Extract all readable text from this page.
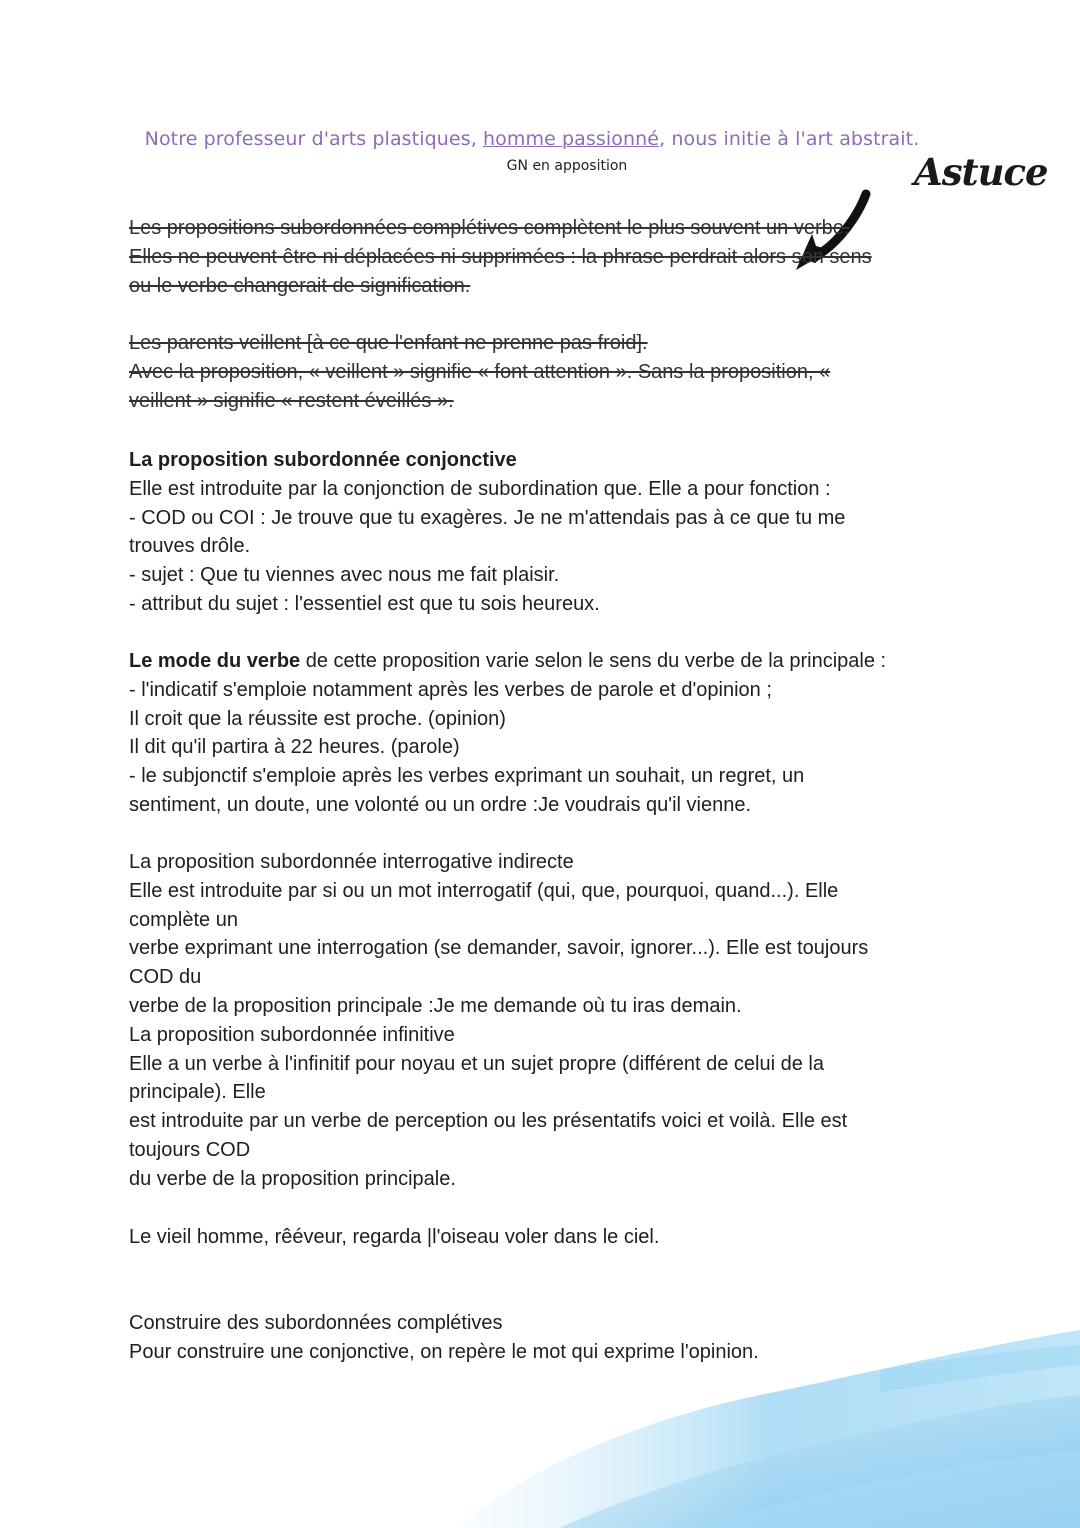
Notre professeur d'arts plastiques, homme passionné, nous initie à l'art abstrait.
GN en apposition	Astuce

Les propositions subordonnées complétives complètent le plus souvent un verbe.

Elles ne peuvent être ni déplacées ni supprimées : la phrase perdrait alors son sens

ou le verbe changerait de signification.

Les parents veillent [à ce que l'enfant ne prenne pas froid].

Avec la proposition, « veillent » signifie « font attention ». Sans la proposition, «

veillent » signifie « restent éveillés ».

La proposition subordonnée conjonctive

Elle est introduite par la conjonction de subordination que. Elle a pour fonction :

- COD ou COI : Je trouve que tu exagères. Je ne m'attendais pas à ce que tu me

trouves drôle.

- sujet : Que tu viennes avec nous me fait plaisir.

- attribut du sujet : l'essentiel est que tu sois heureux.

Le mode du verbe de cette proposition varie selon le sens du verbe de la principale :

- l'indicatif s'emploie notamment après les verbes de parole et d'opinion ;

Il croit que la réussite est proche. (opinion)

Il dit qu'il partira à 22 heures. (parole)

- le subjonctif s'emploie après les verbes exprimant un souhait, un regret, un

sentiment, un doute, une volonté ou un ordre :Je voudrais qu'il vienne.

La proposition subordonnée interrogative indirecte

Elle est introduite par si ou un mot interrogatif (qui, que, pourquoi, quand...). Elle

complète un

verbe exprimant une interrogation (se demander, savoir, ignorer...). Elle est toujours

COD du

verbe de la proposition principale :Je me demande où tu iras demain.

La proposition subordonnée infinitive

Elle a un verbe à l'infinitif pour noyau et un sujet propre (différent de celui de la

principale). Elle

est introduite par un verbe de perception ou les présentatifs voici et voilà. Elle est

toujours COD

du verbe de la proposition principale.

Le vieil homme, rêéveur, regarda |l'oiseau voler dans le ciel.

Construire des subordonnées complétives

Pour construire une conjonctive, on repère le mot qui exprime l'opinion.
